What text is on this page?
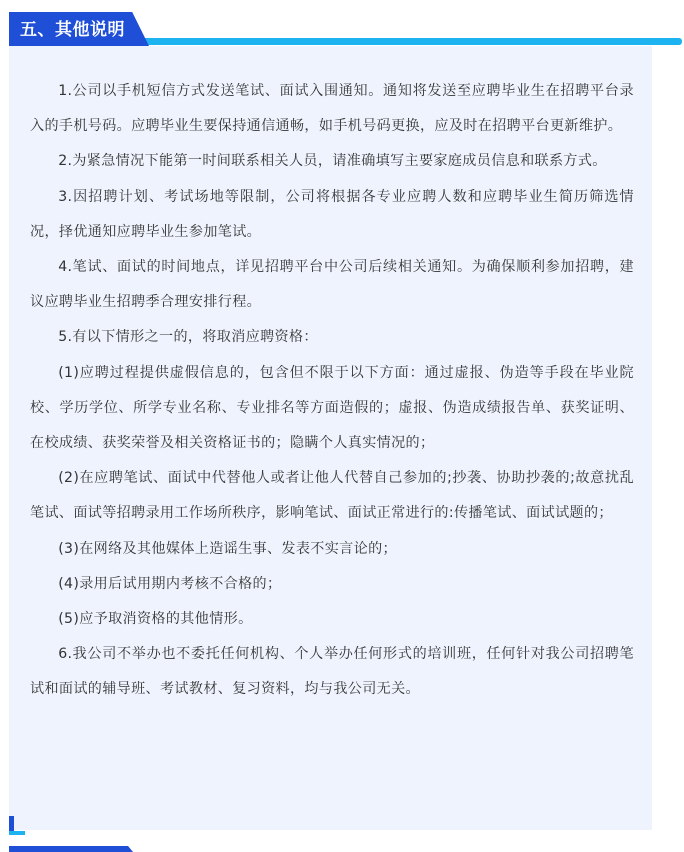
五、其他说明

1.公司以手机短信方式发送笔试、面试入围通知。通知将发送至应聘毕业生在招聘平台录入的手机号码。应聘毕业生要保持通信通畅，如手机号码更换，应及时在招聘平台更新维护。

2.为紧急情况下能第一时间联系相关人员，请准确填写主要家庭成员信息和联系方式。

3.因招聘计划、考试场地等限制，公司将根据各专业应聘人数和应聘毕业生简历筛选情况，择优通知应聘毕业生参加笔试。

4.笔试、面试的时间地点，详见招聘平台中公司后续相关通知。为确保顺利参加招聘，建议应聘毕业生招聘季合理安排行程。

5.有以下情形之一的，将取消应聘资格：

(1)应聘过程提供虚假信息的，包含但不限于以下方面：通过虚报、伪造等手段在毕业院校、学历学位、所学专业名称、专业排名等方面造假的；虚报、伪造成绩报告单、获奖证明、在校成绩、获奖荣誉及相关资格证书的；隐瞒个人真实情况的；

(2)在应聘笔试、面试中代替他人或者让他人代替自己参加的;抄袭、协助抄袭的;故意扰乱笔试、面试等招聘录用工作场所秩序，影响笔试、面试正常进行的:传播笔试、面试试题的；

(3)在网络及其他媒体上造谣生事、发表不实言论的；

(4)录用后试用期内考核不合格的；

(5)应予取消资格的其他情形。

6.我公司不举办也不委托任何机构、个人举办任何形式的培训班，任何针对我公司招聘笔试和面试的辅导班、考试教材、复习资料，均与我公司无关。
